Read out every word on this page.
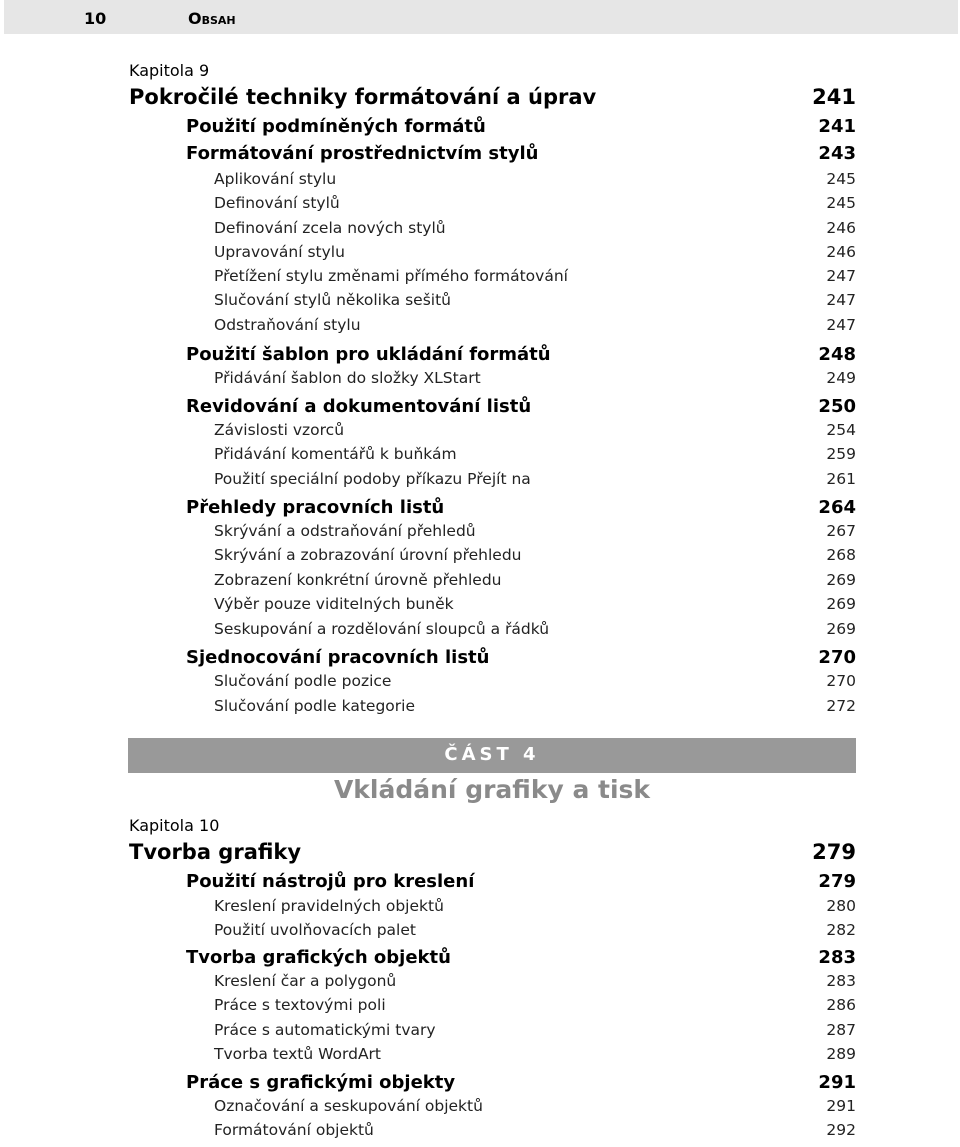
10	Obsah
Kapitola 9
Pokročilé techniky formátování a úprav	241
Použití podmíněných formátů	241
Formátování prostřednictvím stylů	243
Aplikování stylu	245
Definování stylů	245
Definování zcela nových stylů	246
Upravování stylu	246
Přetížení stylu změnami přímého formátování	247
Slučování stylů několika sešitů	247
Odstraňování stylu	247
Použití šablon pro ukládání formátů	248
Přidávání šablon do složky XLStart	249
Revidování a dokumentování listů	250
Závislosti vzorců	254
Přidávání komentářů k buňkám	259
Použití speciální podoby příkazu Přejít na	261
Přehledy pracovních listů	264
Skrývání a odstraňování přehledů	267
Skrývání a zobrazování úrovní přehledu	268
Zobrazení konkrétní úrovně přehledu	269
Výběr pouze viditelných buněk	269
Seskupování a rozdělování sloupců a řádků	269
Sjednocování pracovních listů	270
Slučování podle pozice	270
Slučování podle kategorie	272
Kapitola 10
Tvorba grafiky	279
Použití nástrojů pro kreslení	279
Kreslení pravidelných objektů	280
Použití uvolňovacích palet	282
Tvorba grafických objektů	283
Kreslení čar a polygonů	283
Práce s textovými poli	286
Práce s automatickými tvary	287
Tvorba textů WordArt	289
Práce s grafickými objekty	291
Označování a seskupování objektů	291
Formátování objektů	292
ČÁST 4
Vkládání grafiky a tisk
